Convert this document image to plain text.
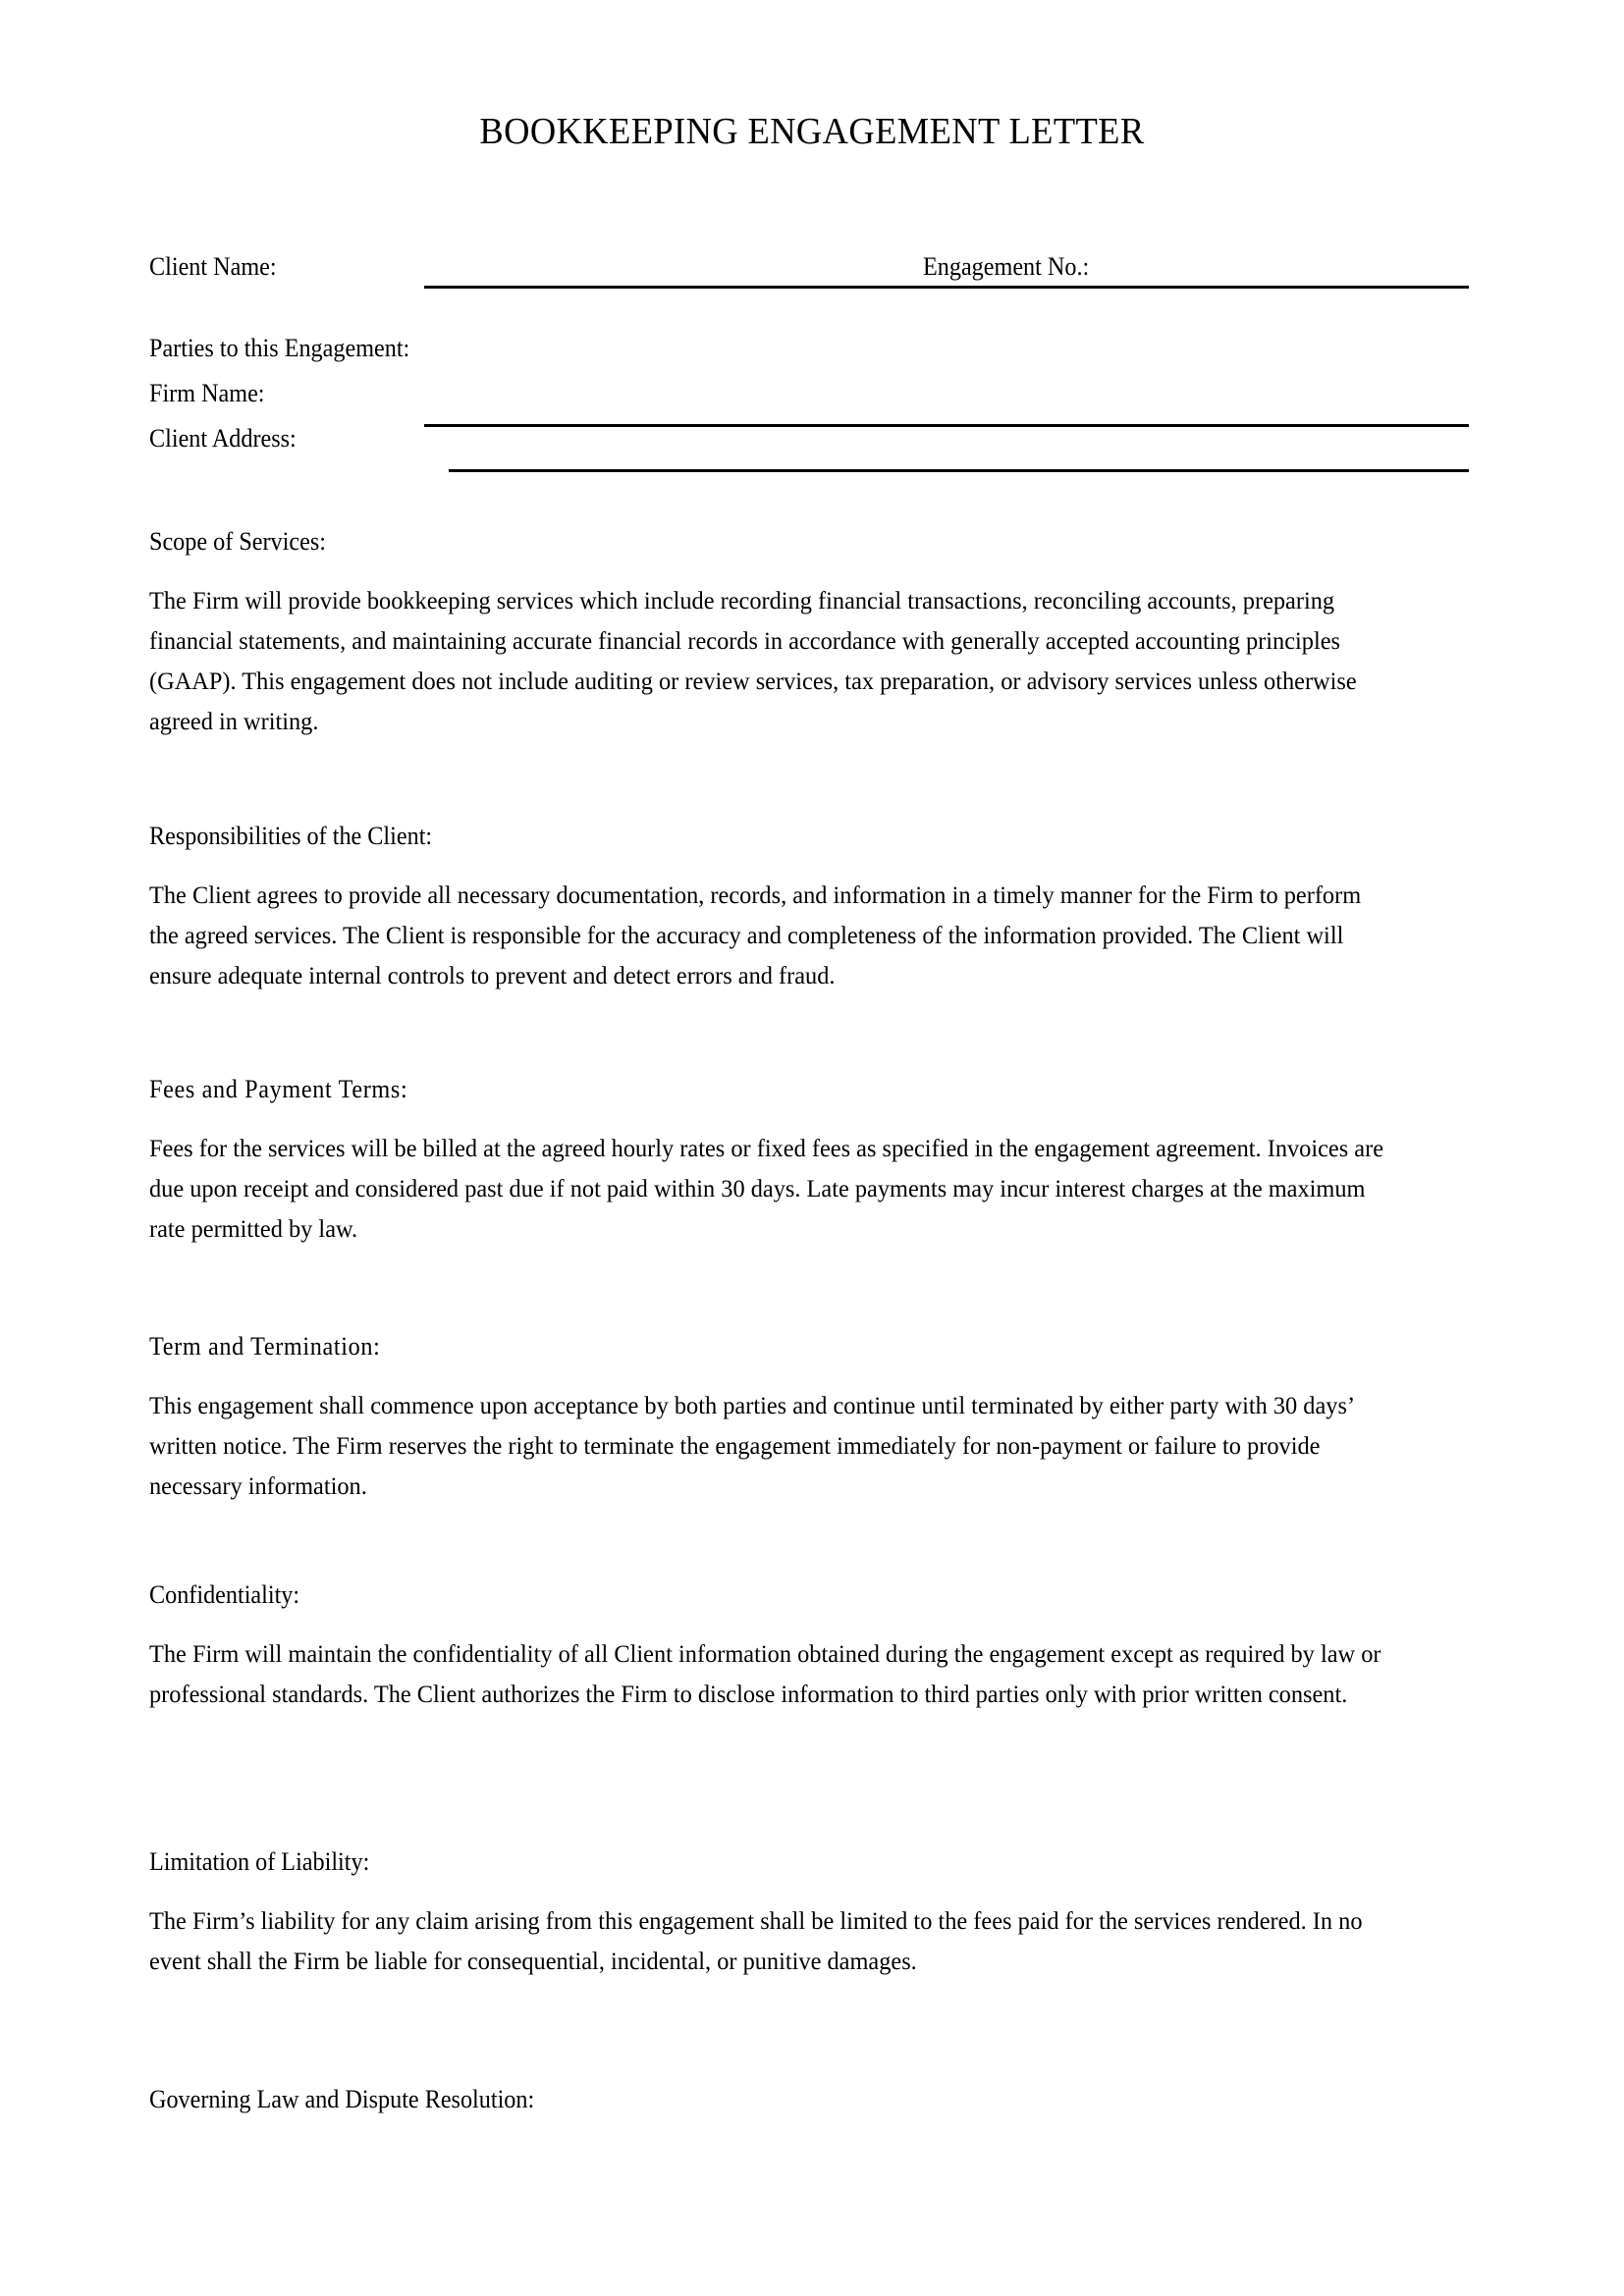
BOOKKEEPING ENGAGEMENT LETTER
Client Name:	Engagement No.:
Parties to this Engagement:
Firm Name:
Client Address:

Scope of Services:

The Firm will provide bookkeeping services which include recording financial transactions, reconciling accounts, preparing financial statements, and maintaining accurate financial records in accordance with generally accepted accounting principles (GAAP). This engagement does not include auditing or review services, tax preparation, or advisory services unless otherwise agreed in writing.

Responsibilities of the Client:

The Client agrees to provide all necessary documentation, records, and information in a timely manner for the Firm to perform the agreed services. The Client is responsible for the accuracy and completeness of the information provided. The Client will ensure adequate internal controls to prevent and detect errors and fraud.

Fees and Payment Terms:

Fees for the services will be billed at the agreed hourly rates or fixed fees as specified in the engagement agreement. Invoices are due upon receipt and considered past due if not paid within 30 days. Late payments may incur interest charges at the maximum rate permitted by law.

Term and Termination:

This engagement shall commence upon acceptance by both parties and continue until terminated by either party with 30 days’ written notice. The Firm reserves the right to terminate the engagement immediately for non-payment or failure to provide necessary information.

Confidentiality:

The Firm will maintain the confidentiality of all Client information obtained during the engagement except as required by law or professional standards. The Client authorizes the Firm to disclose information to third parties only with prior written consent.

Limitation of Liability:

The Firm’s liability for any claim arising from this engagement shall be limited to the fees paid for the services rendered. In no event shall the Firm be liable for consequential, incidental, or punitive damages.

Governing Law and Dispute Resolution:
